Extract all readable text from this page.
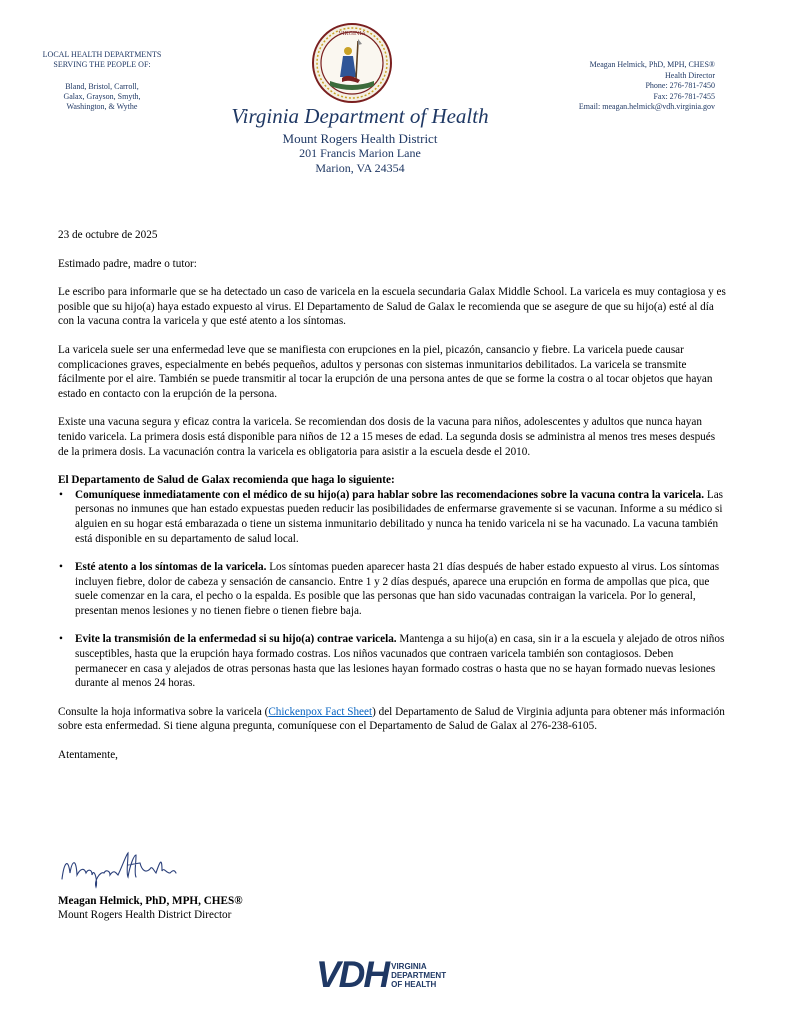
LOCAL HEALTH DEPARTMENTS
SERVING THE PEOPLE OF:
Bland, Bristol, Carroll,
Galax, Grayson, Smyth,
Washington, & Wythe
VIRGINIA
Meagan Helmick, PhD, MPH, CHES®
Health Director
Phone: 276-781-7450
Fax: 276-781-7455
Email: meagan.helmick@vdh.virginia.gov
Virginia Department of Health
Mount Rogers Health District
201 Francis Marion Lane
Marion, VA 24354

23 de octubre de 2025

Estimado padre, madre o tutor:

Le escribo para informarle que se ha detectado un caso de varicela en la escuela secundaria Galax Middle School. La varicela es muy contagiosa y es posible que su hijo(a) haya estado expuesto al virus. El Departamento de Salud de Galax le recomienda que se asegure de que su hijo(a) esté al día con la vacuna contra la varicela y que esté atento a los síntomas.

La varicela suele ser una enfermedad leve que se manifiesta con erupciones en la piel, picazón, cansancio y fiebre. La varicela puede causar complicaciones graves, especialmente en bebés pequeños, adultos y personas con sistemas inmunitarios debilitados. La varicela se transmite fácilmente por el aire. También se puede transmitir al tocar la erupción de una persona antes de que se forme la costra o al tocar objetos que hayan estado en contacto con la erupción de la persona.

Existe una vacuna segura y eficaz contra la varicela. Se recomiendan dos dosis de la vacuna para niños, adolescentes y adultos que nunca hayan tenido varicela. La primera dosis está disponible para niños de 12 a 15 meses de edad. La segunda dosis se administra al menos tres meses después de la primera dosis. La vacunación contra la varicela es obligatoria para asistir a la escuela desde el 2010.

El Departamento de Salud de Galax recomienda que haga lo siguiente:

• Comuníquese inmediatamente con el médico de su hijo(a) para hablar sobre las recomendaciones sobre la vacuna contra la varicela. Las personas no inmunes que han estado expuestas pueden reducir las posibilidades de enfermarse gravemente si se vacunan. Informe a su médico si alguien en su hogar está embarazada o tiene un sistema inmunitario debilitado y nunca ha tenido varicela ni se ha vacunado. La vacuna también está disponible en su departamento de salud local.
• Esté atento a los síntomas de la varicela. Los síntomas pueden aparecer hasta 21 días después de haber estado expuesto al virus. Los síntomas incluyen fiebre, dolor de cabeza y sensación de cansancio. Entre 1 y 2 días después, aparece una erupción en forma de ampollas que pica, que suele comenzar en la cara, el pecho o la espalda. Es posible que las personas que han sido vacunadas contraigan la varicela. Por lo general, presentan menos lesiones y no tienen fiebre o tienen fiebre baja.
• Evite la transmisión de la enfermedad si su hijo(a) contrae varicela. Mantenga a su hijo(a) en casa, sin ir a la escuela y alejado de otros niños susceptibles, hasta que la erupción haya formado costras. Los niños vacunados que contraen varicela también son contagiosos. Deben permanecer en casa y alejados de otras personas hasta que las lesiones hayan formado costras o hasta que no se hayan formado nuevas lesiones durante al menos 24 horas.

Consulte la hoja informativa sobre la varicela (Chickenpox Fact Sheet) del Departamento de Salud de Virginia adjunta para obtener más información sobre esta enfermedad. Si tiene alguna pregunta, comuníquese con el Departamento de Salud de Galax al 276-238-6105.

Atentamente,

Meagan Helmick, PhD, MPH, CHES®
Mount Rogers Health District Director
VDH VIRGINIA
DEPARTMENT
OF HEALTH
